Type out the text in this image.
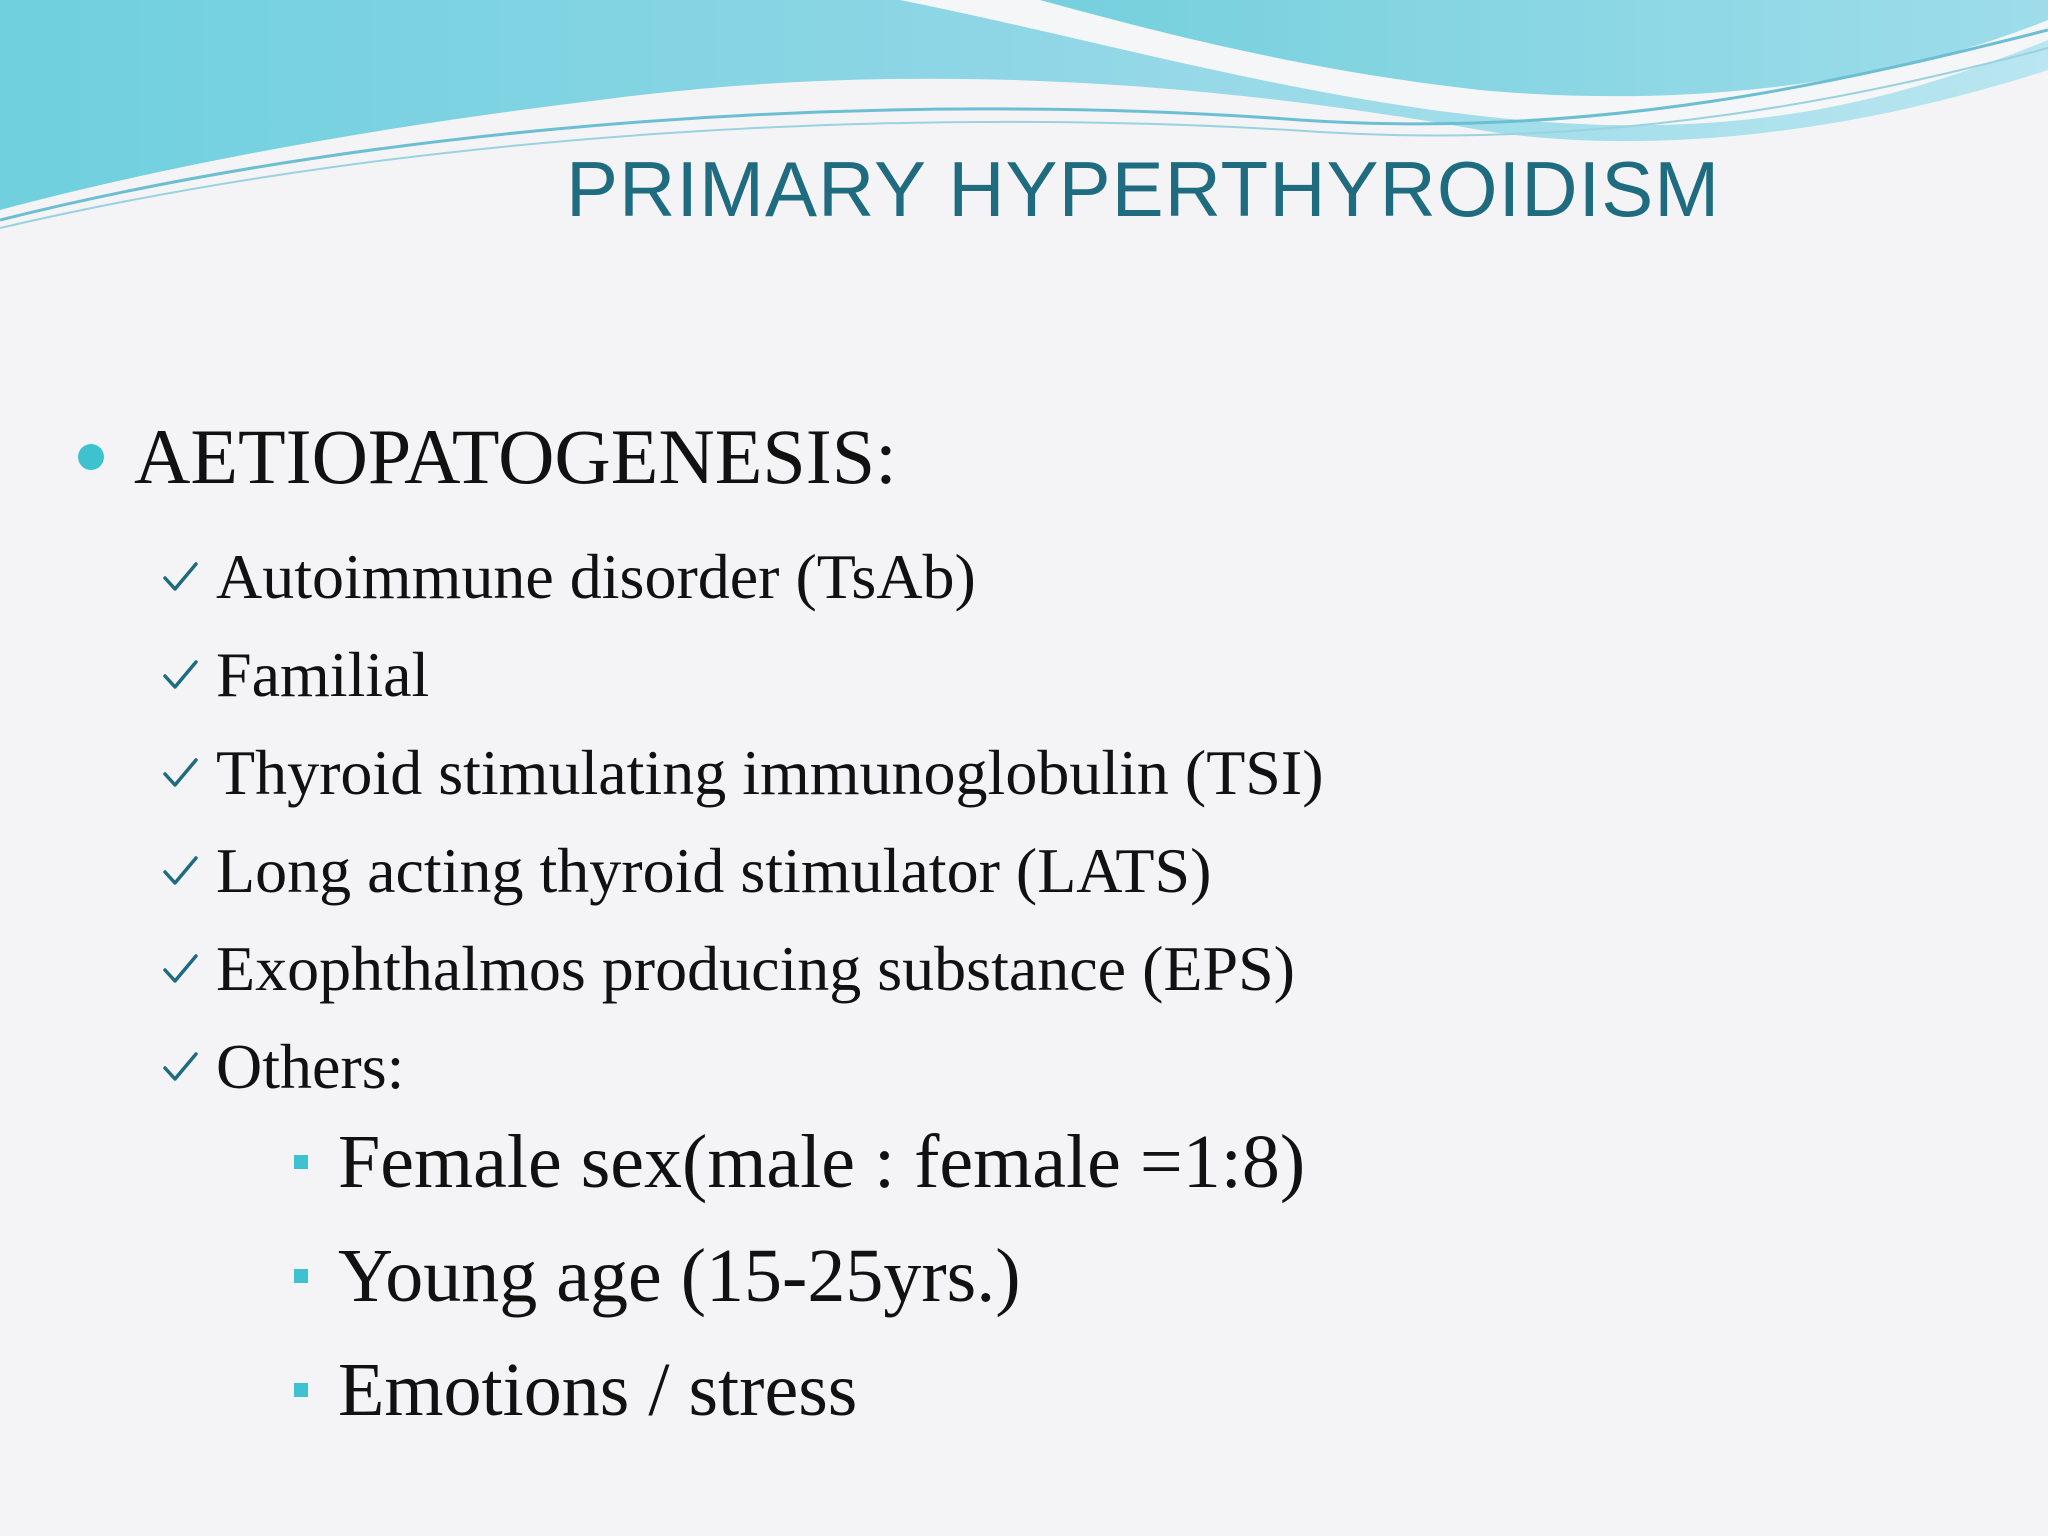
PRIMARY HYPERTHYROIDISM
AETIOPATOGENESIS:
Autoimmune disorder (TsAb)
Familial
Thyroid stimulating immunoglobulin (TSI)
Long acting thyroid stimulator (LATS)
Exophthalmos producing substance (EPS)
Others:
Female sex(male : female =1:8)
Young age (15-25yrs.)
Emotions / stress
